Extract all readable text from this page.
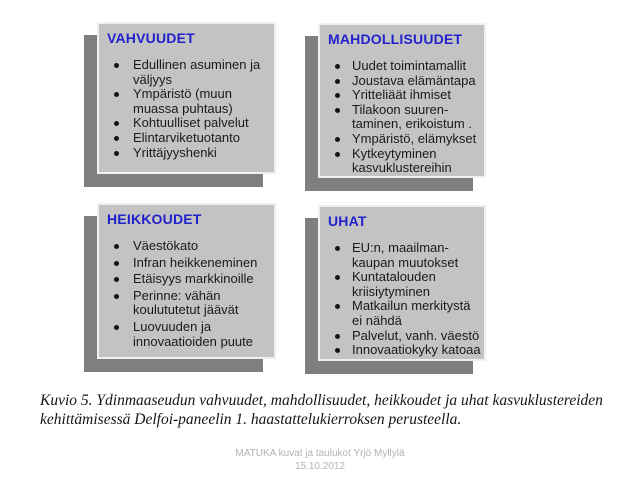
VAHVUUDET
Edullinen asuminen ja väljyys
Ympäristö (muun muassa puhtaus)
Kohtuulliset palvelut
Elintarviketuotanto
Yrittäjyyshenki
MAHDOLLISUUDET
Uudet toimintamallit
Joustava elämäntapa
Yritteliäät ihmiset
Tilakoon suuren-taminen, erikoistum .
Ympäristö, elämykset
Kytkeytyminen kasvuklustereihin
HEIKKOUDET
Väestökato
Infran heikkeneminen
Etäisyys markkinoille
Perinne: vähän koulututetut jäävät
Luovuuden ja innovaatioiden puute
UHAT
EU:n, maailman-kaupan muutokset
Kuntatalouden kriisiytyminen
Matkailun merkitystä ei nähdä
Palvelut, vanh. väestö
Innovaatiokyky katoaa
Kuvio 5. Ydinmaaseudun vahvuudet, mahdollisuudet, heikkoudet ja uhat kasvuklustereiden
kehittämisessä Delfoi-paneelin 1. haastattelukierroksen perusteella.
MATUKA kuvat ja taulukot Yrjö Myllylä
15.10.2012
